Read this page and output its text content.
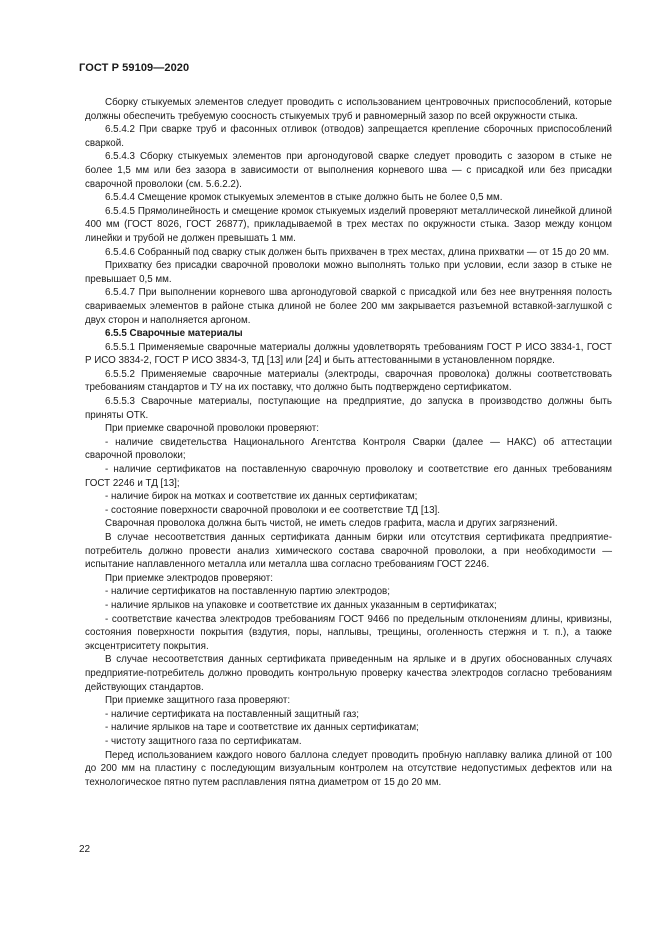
ГОСТ Р 59109—2020

Сборку стыкуемых элементов следует проводить с использованием центровочных приспособлений, которые должны обеспечить требуемую соосность стыкуемых труб и равномерный зазор по всей окружности стыка.

6.5.4.2 При сварке труб и фасонных отливок (отводов) запрещается крепление сборочных приспособлений сваркой.

6.5.4.3 Сборку стыкуемых элементов при аргонодуговой сварке следует проводить с зазором в стыке не более 1,5 мм или без зазора в зависимости от выполнения корневого шва — с присадкой или без присадки сварочной проволоки (см. 5.6.2.2).

6.5.4.4 Смещение кромок стыкуемых элементов в стыке должно быть не более 0,5 мм.

6.5.4.5 Прямолинейность и смещение кромок стыкуемых изделий проверяют металлической линейкой длиной 400 мм (ГОСТ 8026, ГОСТ 26877), прикладываемой в трех местах по окружности стыка. Зазор между концом линейки и трубой не должен превышать 1 мм.

6.5.4.6 Собранный под сварку стык должен быть прихвачен в трех местах, длина прихватки — от 15 до 20 мм.

Прихватку без присадки сварочной проволоки можно выполнять только при условии, если зазор в стыке не превышает 0,5 мм.

6.5.4.7 При выполнении корневого шва аргонодуговой сваркой с присадкой или без нее внутренняя полость свариваемых элементов в районе стыка длиной не более 200 мм закрывается разъемной вставкой-заглушкой с двух сторон и наполняется аргоном.

6.5.5 Сварочные материалы

6.5.5.1 Применяемые сварочные материалы должны удовлетворять требованиям ГОСТ Р ИСО 3834-1, ГОСТ Р ИСО 3834-2, ГОСТ Р ИСО 3834-3, ТД [13] или [24] и быть аттестованными в установленном порядке.

6.5.5.2 Применяемые сварочные материалы (электроды, сварочная проволока) должны соответствовать требованиям стандартов и ТУ на их поставку, что должно быть подтверждено сертификатом.

6.5.5.3 Сварочные материалы, поступающие на предприятие, до запуска в производство должны быть приняты ОТК.

При приемке сварочной проволоки проверяют:

- наличие свидетельства Национального Агентства Контроля Сварки (далее — НАКС) об аттестации сварочной проволоки;

- наличие сертификатов на поставленную сварочную проволоку и соответствие его данных требованиям ГОСТ 2246 и ТД [13];

- наличие бирок на мотках и соответствие их данных сертификатам;

- состояние поверхности сварочной проволоки и ее соответствие ТД [13].

Сварочная проволока должна быть чистой, не иметь следов графита, масла и других загрязнений.

В случае несоответствия данных сертификата данным бирки или отсутствия сертификата предприятие-потребитель должно провести анализ химического состава сварочной проволоки, а при необходимости — испытание наплавленного металла или металла шва согласно требованиям ГОСТ 2246.

При приемке электродов проверяют:

- наличие сертификатов на поставленную партию электродов;

- наличие ярлыков на упаковке и соответствие их данных указанным в сертификатах;

- соответствие качества электродов требованиям ГОСТ 9466 по предельным отклонениям длины, кривизны, состояния поверхности покрытия (вздутия, поры, наплывы, трещины, оголенность стержня и т. п.), а также эксцентриситету покрытия.

В случае несоответствия данных сертификата приведенным на ярлыке и в других обоснованных случаях предприятие-потребитель должно проводить контрольную проверку качества электродов согласно требованиям действующих стандартов.

При приемке защитного газа проверяют:

- наличие сертификата на поставленный защитный газ;

- наличие ярлыков на таре и соответствие их данных сертификатам;

- чистоту защитного газа по сертификатам.

Перед использованием каждого нового баллона следует проводить пробную наплавку валика длиной от 100 до 200 мм на пластину с последующим визуальным контролем на отсутствие недопустимых дефектов или на технологическое пятно путем расплавления пятна диаметром от 15 до 20 мм.

22
